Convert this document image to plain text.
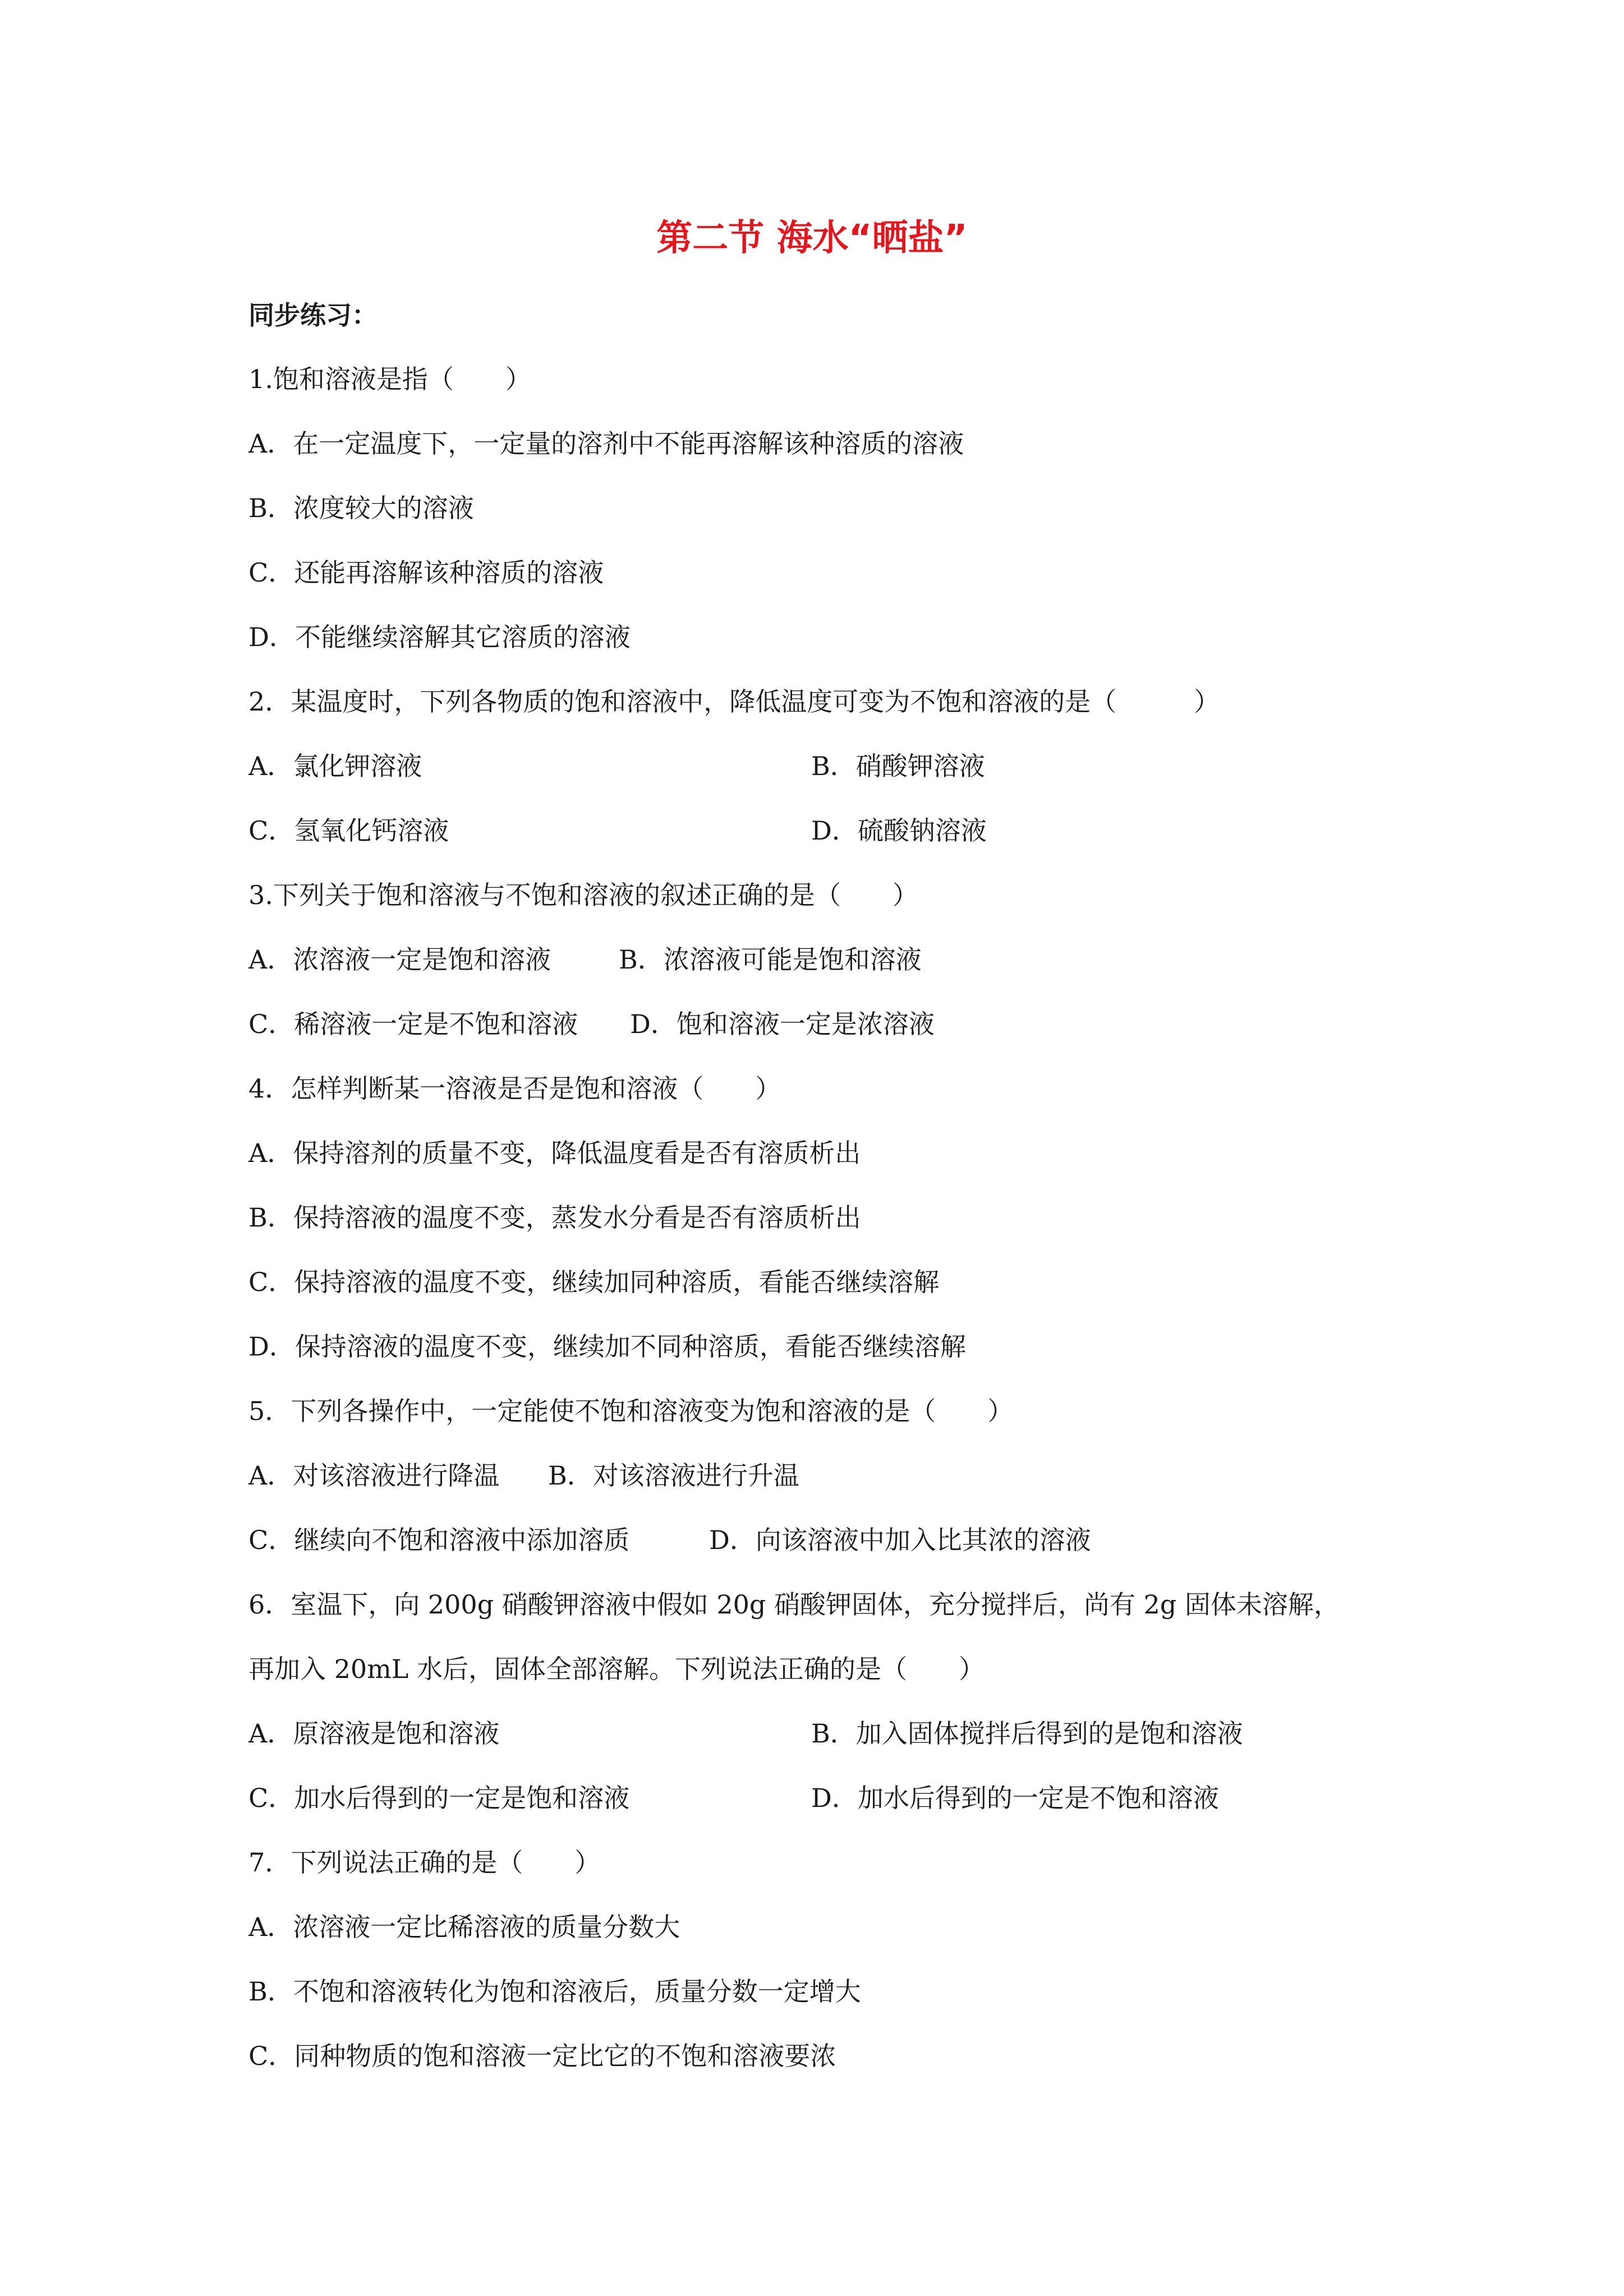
第二节 海水“晒盐”
同步练习：
1.饱和溶液是指（　　）
A．在一定温度下，一定量的溶剂中不能再溶解该种溶质的溶液
B．浓度较大的溶液
C．还能再溶解该种溶质的溶液
D．不能继续溶解其它溶质的溶液
2．某温度时，下列各物质的饱和溶液中，降低温度可变为不饱和溶液的是（　　　）
A．氯化钾溶液	B．硝酸钾溶液
C．氢氧化钙溶液	D．硫酸钠溶液
3.下列关于饱和溶液与不饱和溶液的叙述正确的是（　　）
A．浓溶液一定是饱和溶液	B．浓溶液可能是饱和溶液
C．稀溶液一定是不饱和溶液 D．饱和溶液一定是浓溶液
4．怎样判断某一溶液是否是饱和溶液（　　）
A．保持溶剂的质量不变，降低温度看是否有溶质析出
B．保持溶液的温度不变，蒸发水分看是否有溶质析出
C．保持溶液的温度不变，继续加同种溶质，看能否继续溶解
D．保持溶液的温度不变，继续加不同种溶质，看能否继续溶解
5．下列各操作中，一定能使不饱和溶液变为饱和溶液的是（　　）
A．对该溶液进行降温 B．对该溶液进行升温
C．继续向不饱和溶液中添加溶质	D．向该溶液中加入比其浓的溶液
6．室温下，向 200g 硝酸钾溶液中假如 20g 硝酸钾固体，充分搅拌后，尚有 2g 固体未溶解，
再加入 20mL 水后，固体全部溶解。下列说法正确的是（　　）
A．原溶液是饱和溶液	B．加入固体搅拌后得到的是饱和溶液
C．加水后得到的一定是饱和溶液	D．加水后得到的一定是不饱和溶液
7．下列说法正确的是（　　）
A．浓溶液一定比稀溶液的质量分数大
B．不饱和溶液转化为饱和溶液后，质量分数一定增大
C．同种物质的饱和溶液一定比它的不饱和溶液要浓
